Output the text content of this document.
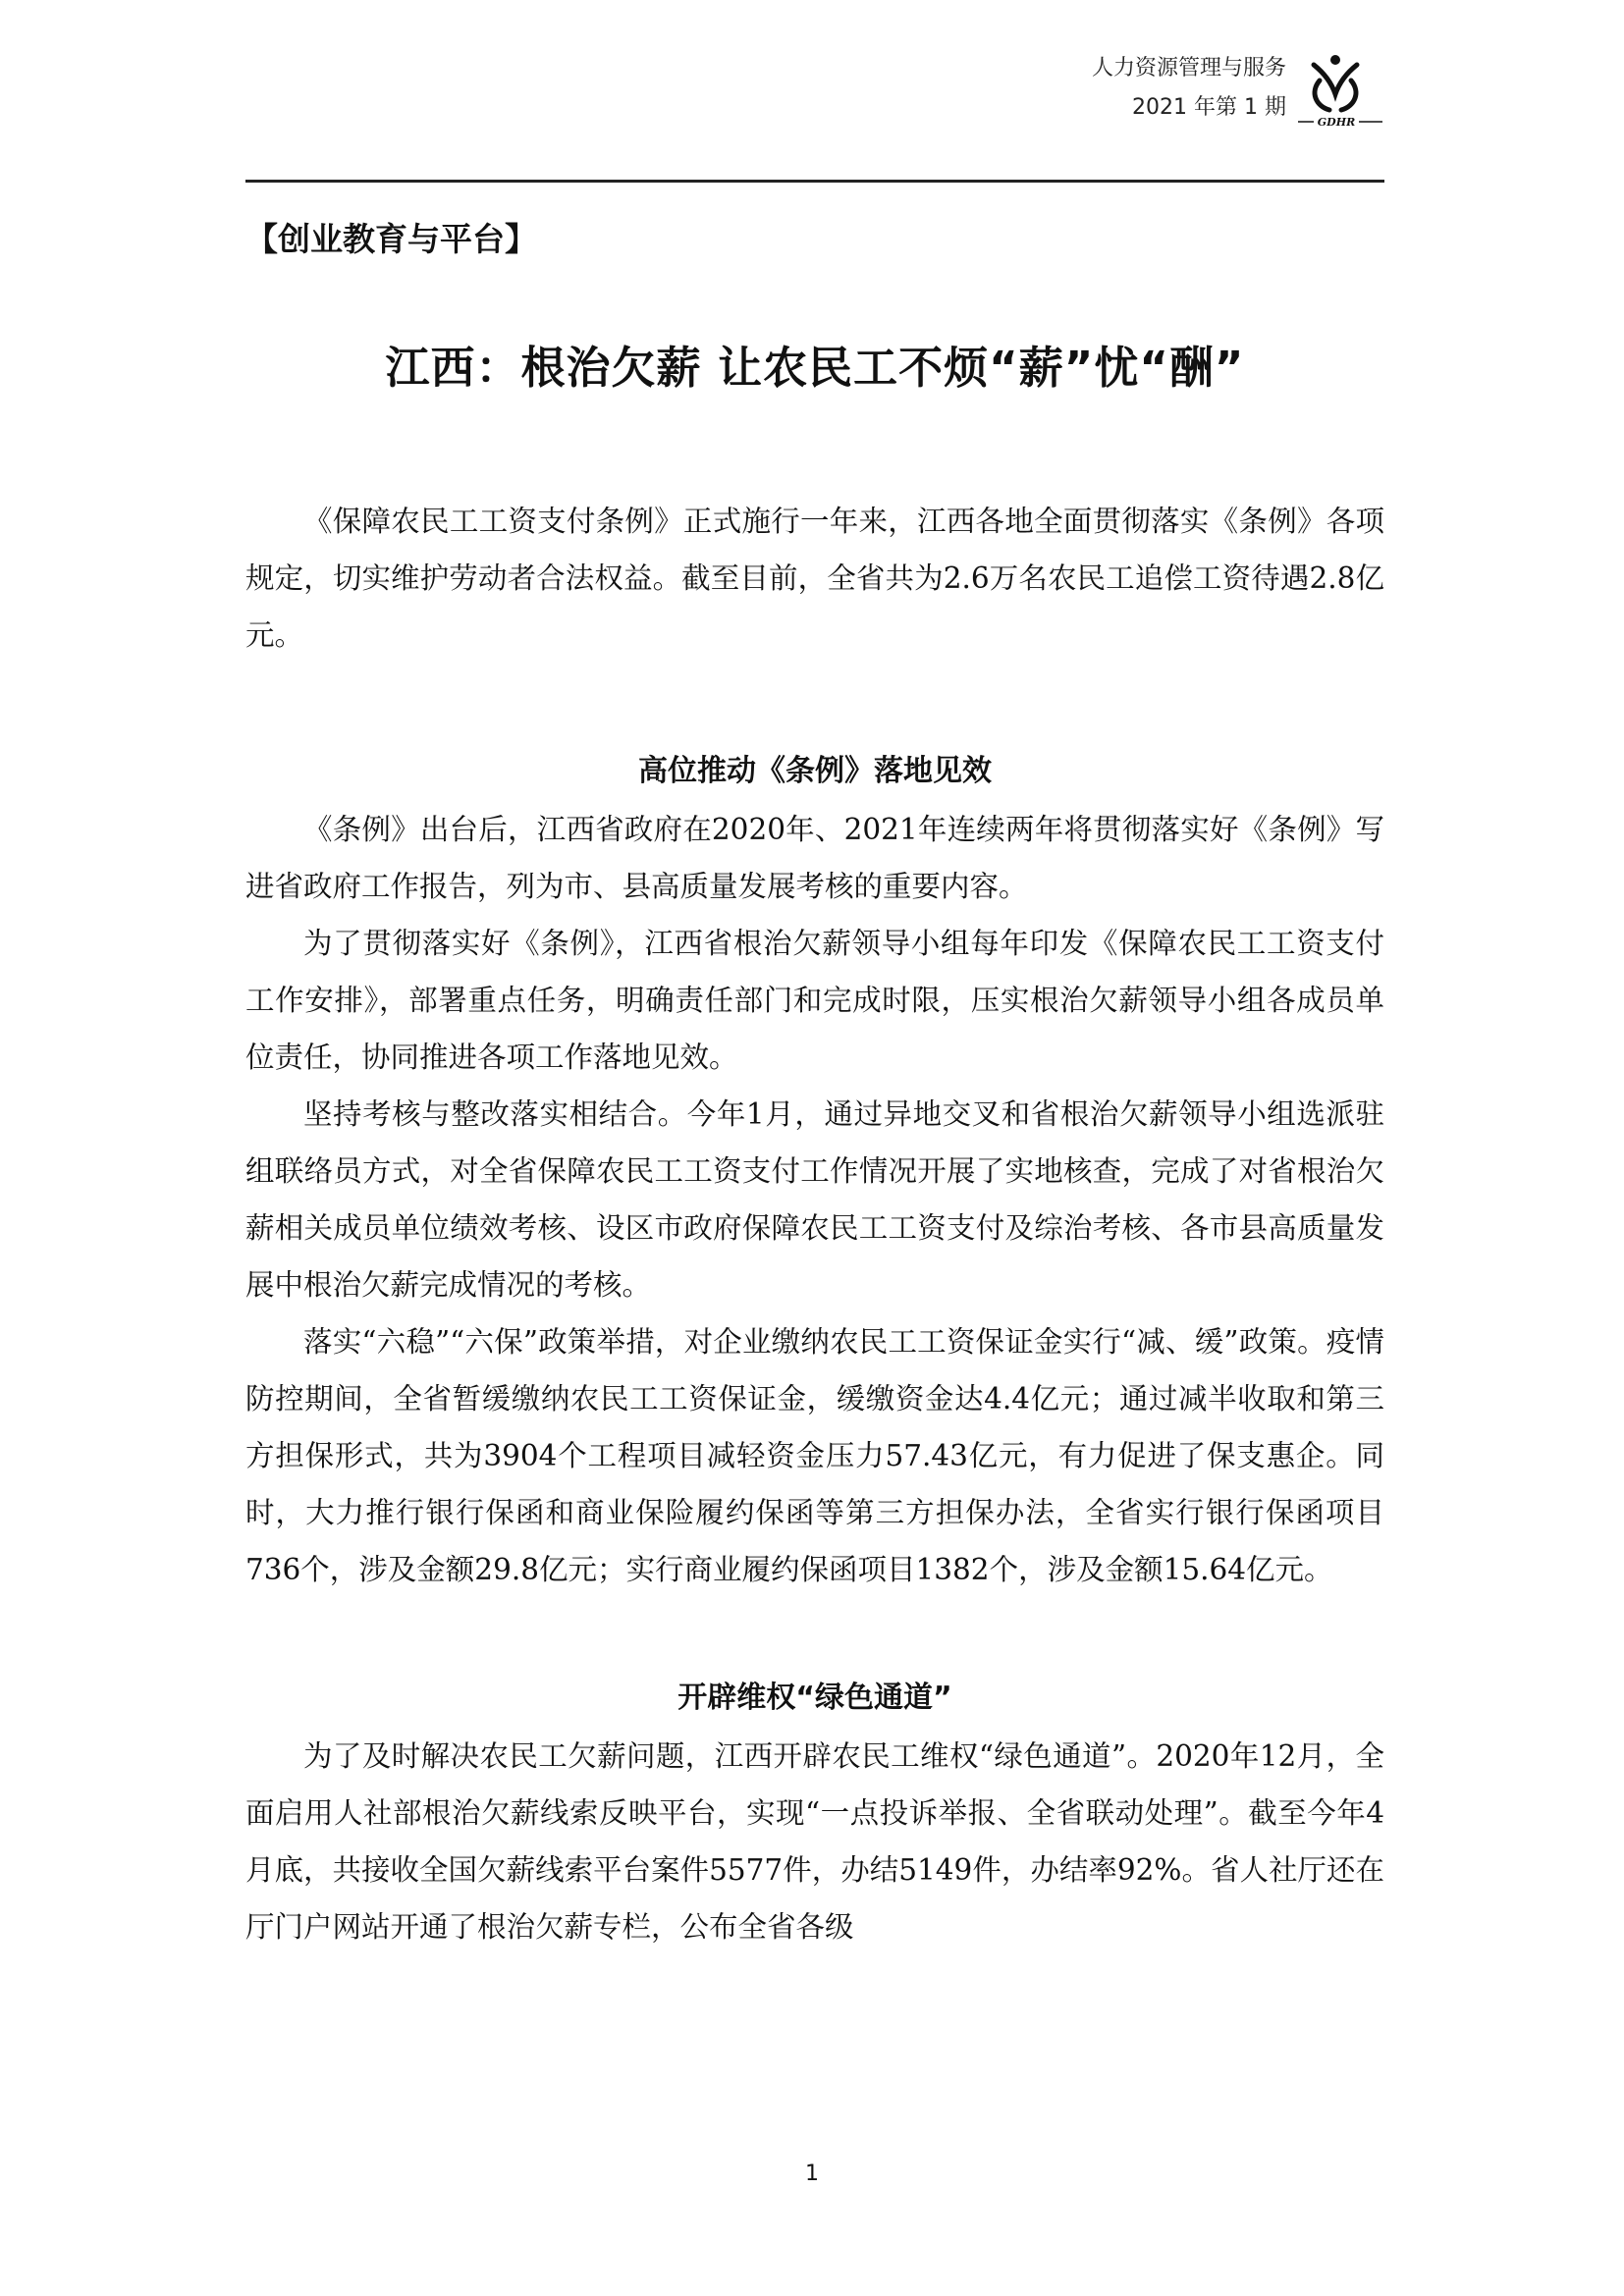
人力资源管理与服务
2021 年第 1 期
GDHR
【创业教育与平台】
江西：根治欠薪 让农民工不烦“薪”忧“酬”

《保障农民工工资支付条例》正式施行一年来，江西各地全面贯彻落实《条例》各项规定，切实维护劳动者合法权益。截至目前，全省共为2.6万名农民工追偿工资待遇2.8亿元。

高位推动《条例》落地见效

《条例》出台后，江西省政府在2020年、2021年连续两年将贯彻落实好《条例》写进省政府工作报告，列为市、县高质量发展考核的重要内容。

为了贯彻落实好《条例》，江西省根治欠薪领导小组每年印发《保障农民工工资支付工作安排》，部署重点任务，明确责任部门和完成时限，压实根治欠薪领导小组各成员单位责任，协同推进各项工作落地见效。

坚持考核与整改落实相结合。今年1月，通过异地交叉和省根治欠薪领导小组选派驻组联络员方式，对全省保障农民工工资支付工作情况开展了实地核查，完成了对省根治欠薪相关成员单位绩效考核、设区市政府保障农民工工资支付及综治考核、各市县高质量发展中根治欠薪完成情况的考核。

落实“六稳”“六保”政策举措，对企业缴纳农民工工资保证金实行“减、缓”政策。疫情防控期间，全省暂缓缴纳农民工工资保证金，缓缴资金达4.4亿元；通过减半收取和第三方担保形式，共为3904个工程项目减轻资金压力57.43亿元，有力促进了保支惠企。同时，大力推行银行保函和商业保险履约保函等第三方担保办法，全省实行银行保函项目736个，涉及金额29.8亿元；实行商业履约保函项目1382个，涉及金额15.64亿元。

开辟维权“绿色通道”

为了及时解决农民工欠薪问题，江西开辟农民工维权“绿色通道”。2020年12月，全面启用人社部根治欠薪线索反映平台，实现“一点投诉举报、全省联动处理”。截至今年4月底，共接收全国欠薪线索平台案件5577件，办结5149件，办结率92%。省人社厅还在厅门户网站开通了根治欠薪专栏，公布全省各级

1
